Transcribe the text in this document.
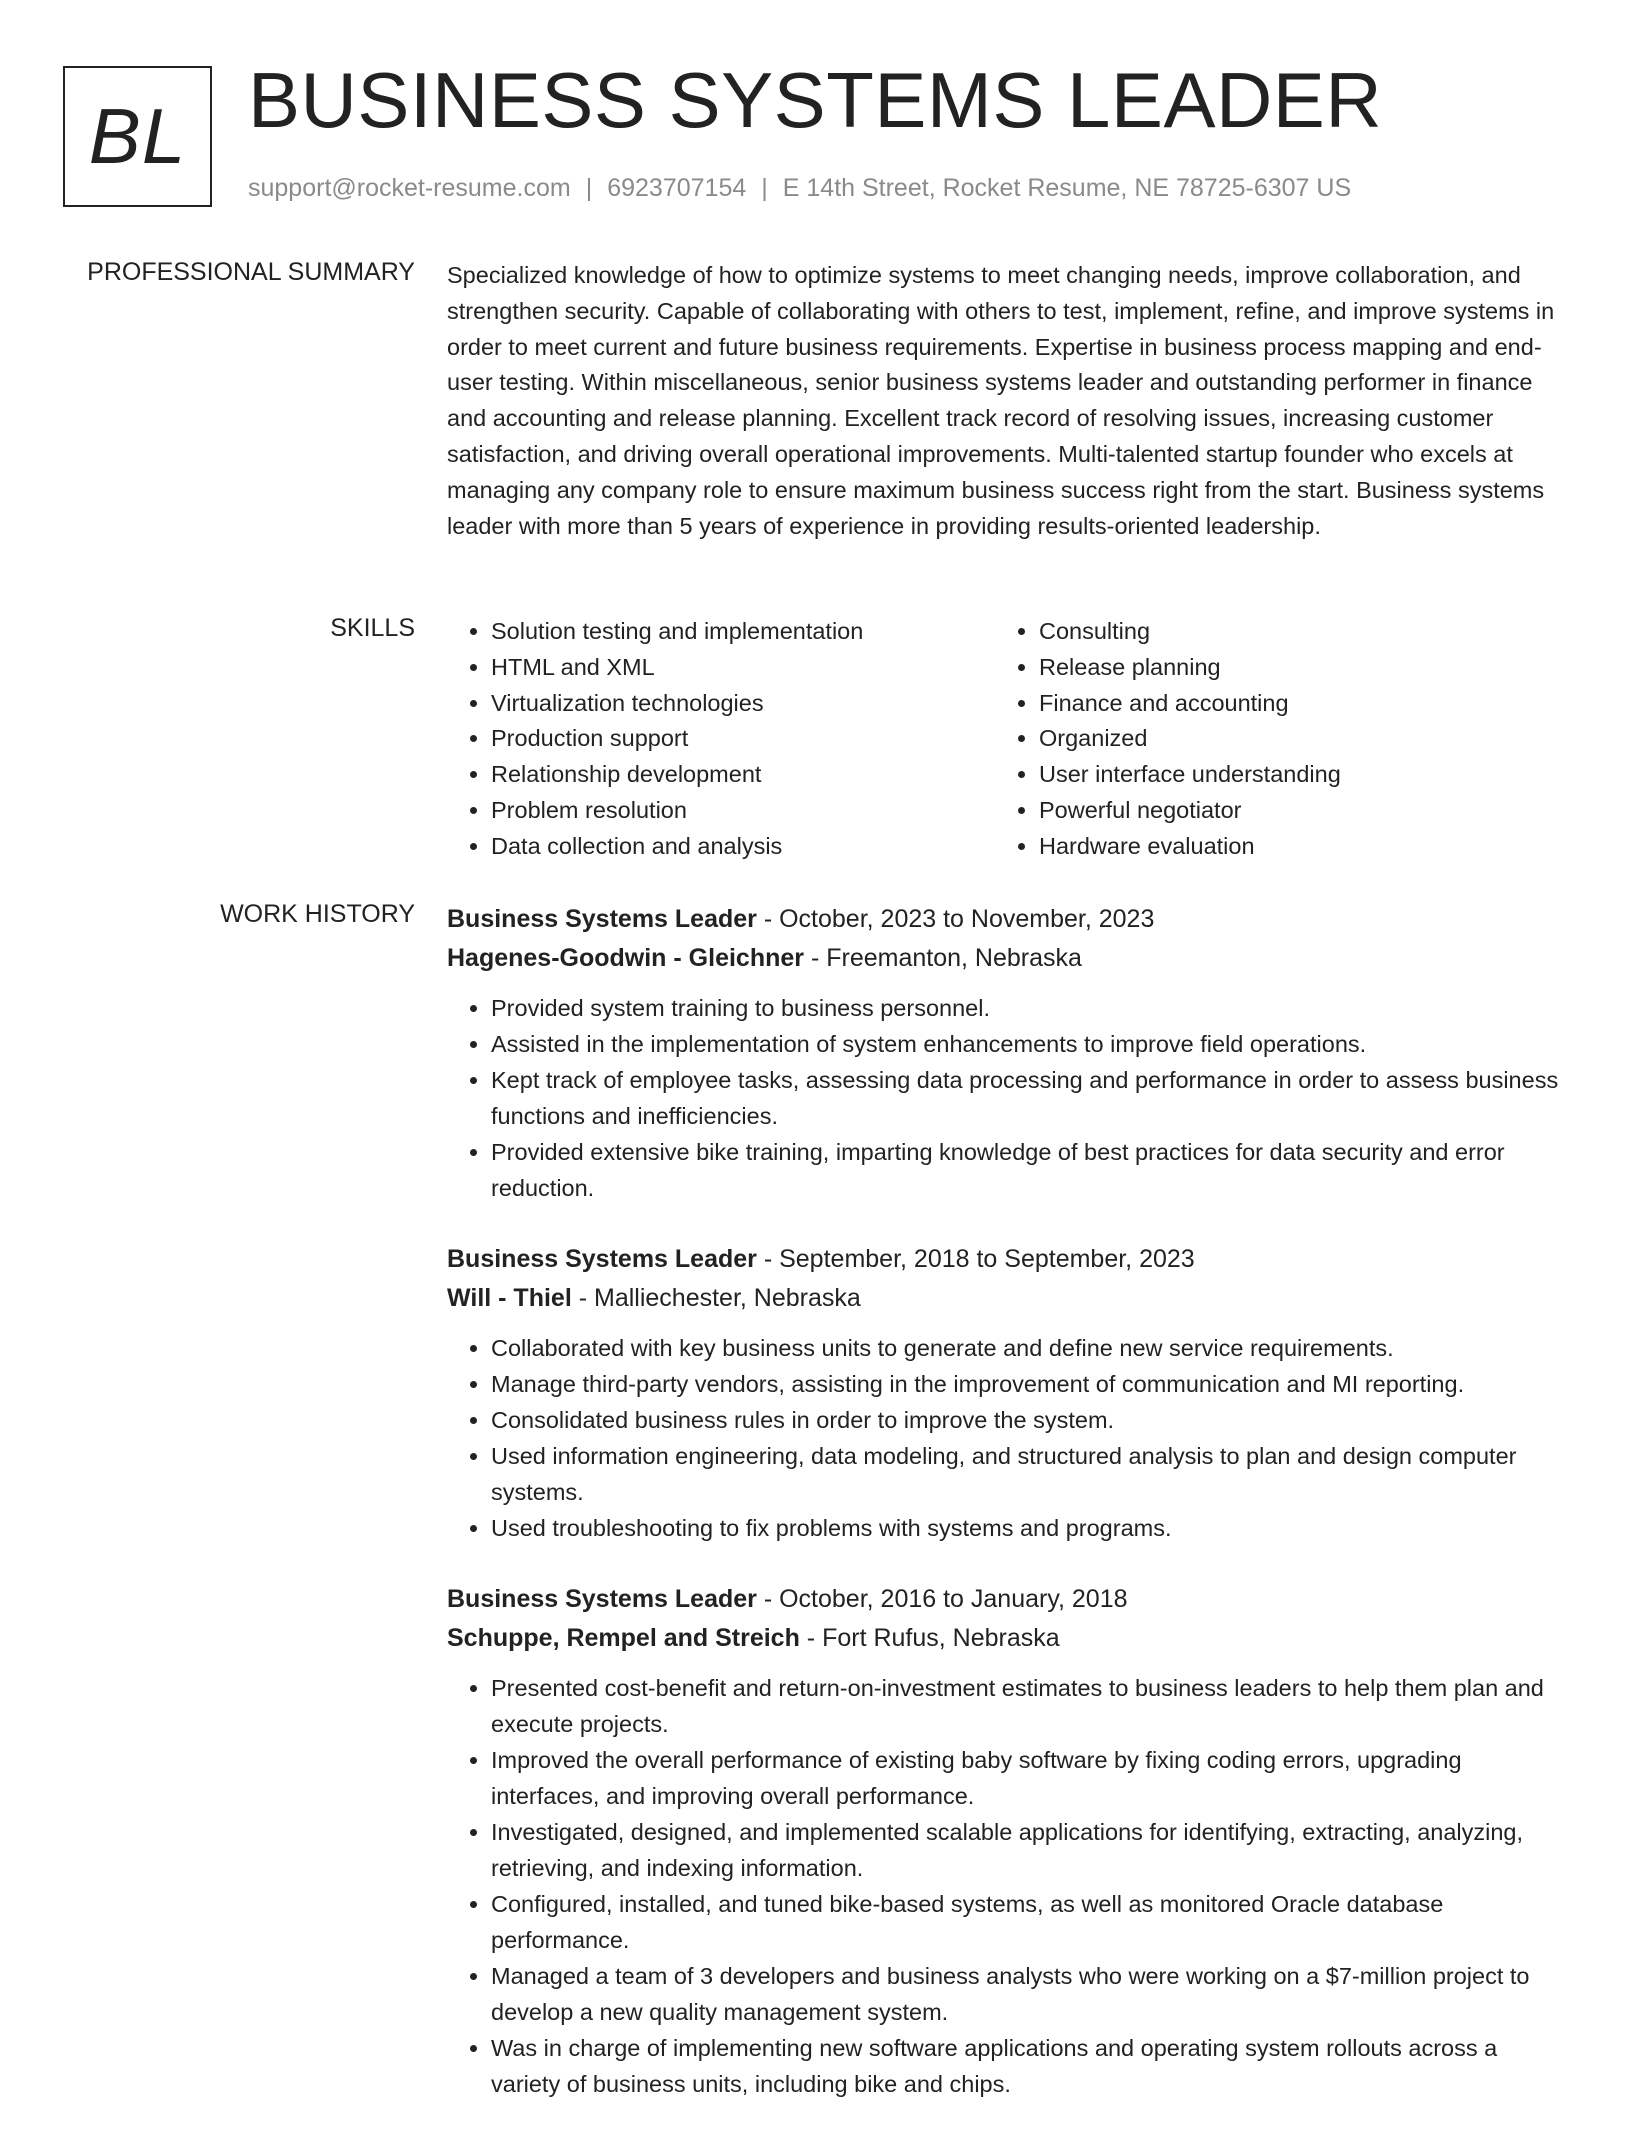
BL BUSINESS SYSTEMS LEADER
support@rocket-resume.com | 6923707154 | E 14th Street, Rocket Resume, NE 78725-6307 US
PROFESSIONAL SUMMARY Specialized knowledge of how to optimize systems to meet changing needs, improve collaboration, and strengthen security. Capable of collaborating with others to test, implement, refine, and improve systems in order to meet current and future business requirements. Expertise in business process mapping and end-user testing. Within miscellaneous, senior business systems leader and outstanding performer in finance and accounting and release planning. Excellent track record of resolving issues, increasing customer satisfaction, and driving overall operational improvements. Multi-talented startup founder who excels at managing any company role to ensure maximum business success right from the start. Business systems leader with more than 5 years of experience in providing results-oriented leadership.
SKILLS
•	Solution testing and implementation
• HTML and XML
• Virtualization technologies
• Production support
• Relationship development
• Problem resolution
• Data collection and analysis
• Consulting
• Release planning
• Finance and accounting
• Organized
• User interface understanding
• Powerful negotiator
• Hardware evaluation
WORK HISTORY Business Systems Leader - October, 2023 to November, 2023
Hagenes-Goodwin - Gleichner - Freemanton, Nebraska
• Provided system training to business personnel.
• Assisted in the implementation of system enhancements to improve field operations.
• Kept track of employee tasks, assessing data processing and performance in order to assess business functions and inefficiencies.
• Provided extensive bike training, imparting knowledge of best practices for data security and error reduction.
Business Systems Leader - September, 2018 to September, 2023
Will - Thiel - Malliechester, Nebraska
• Collaborated with key business units to generate and define new service requirements.
• Manage third-party vendors, assisting in the improvement of communication and MI reporting.
• Consolidated business rules in order to improve the system.
• Used information engineering, data modeling, and structured analysis to plan and design computer systems.
• Used troubleshooting to fix problems with systems and programs.
Business Systems Leader - October, 2016 to January, 2018
Schuppe, Rempel and Streich - Fort Rufus, Nebraska
• Presented cost-benefit and return-on-investment estimates to business leaders to help them plan and execute projects.
• Improved the overall performance of existing baby software by fixing coding errors, upgrading interfaces, and improving overall performance.
• Investigated, designed, and implemented scalable applications for identifying, extracting, analyzing, retrieving, and indexing information.
• Configured, installed, and tuned bike-based systems, as well as monitored Oracle database performance.
• Managed a team of 3 developers and business analysts who were working on a $7-million project to develop a new quality management system.
• Was in charge of implementing new software applications and operating system rollouts across a variety of business units, including bike and chips.
